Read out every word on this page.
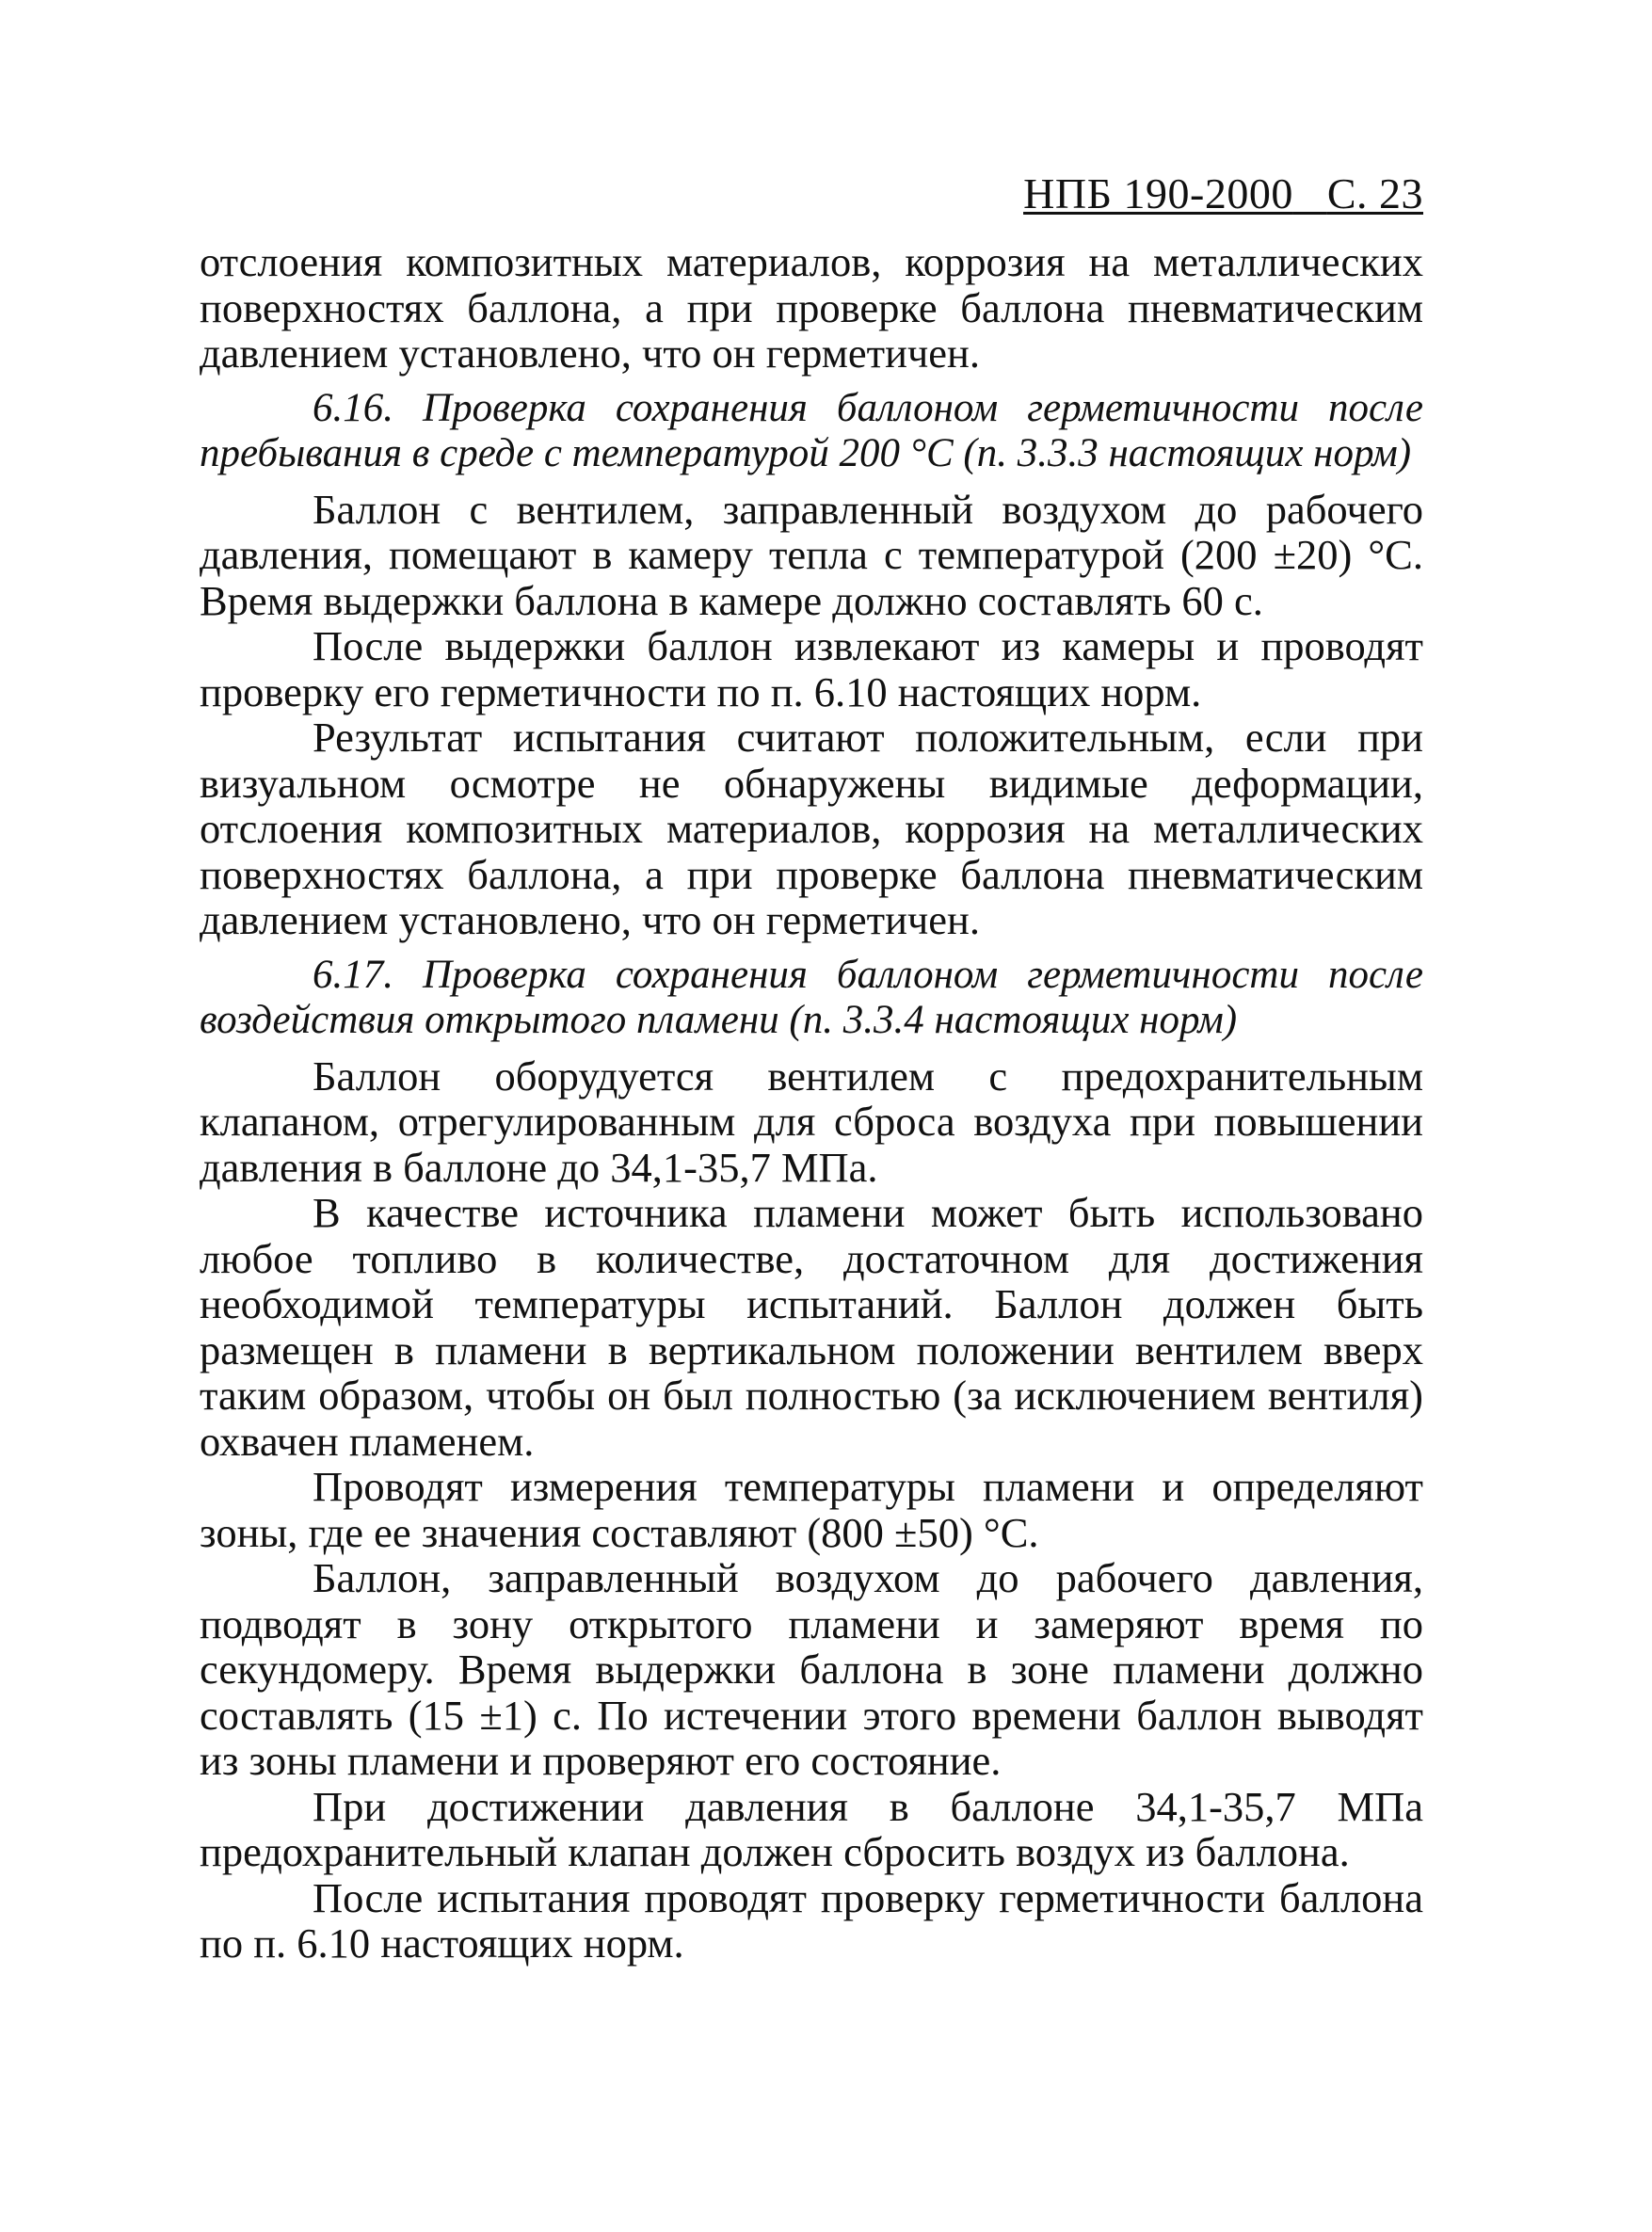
НПБ 190-2000 С. 23

отслоения композитных материалов, коррозия на металлических поверхностях баллона, а при проверке баллона пневматическим давлением установлено, что он герметичен.

6.16. Проверка сохранения баллоном герметичности после пребывания в среде с температурой 200 °С (п. 3.3.3 настоящих норм)

Баллон с вентилем, заправленный воздухом до рабочего давления, помещают в камеру тепла с температурой (200 ±20) °С. Время выдержки баллона в камере должно составлять 60 с.

После выдержки баллон извлекают из камеры и проводят проверку его герметичности по п. 6.10 настоящих норм.

Результат испытания считают положительным, если при визуальном осмотре не обнаружены видимые деформации, отслоения композитных материалов, коррозия на металлических поверхностях баллона, а при проверке баллона пневматическим давлением установлено, что он герметичен.

6.17. Проверка сохранения баллоном герметичности после воздействия открытого пламени (п. 3.3.4 настоящих норм)

Баллон оборудуется вентилем с предохранительным клапаном, отрегулированным для сброса воздуха при повышении давления в баллоне до 34,1-35,7 МПа.

В качестве источника пламени может быть использовано любое топливо в количестве, достаточном для достижения необходимой температуры испытаний. Баллон должен быть размещен в пламени в вертикальном положении вентилем вверх таким образом, чтобы он был полностью (за исключением вентиля) охвачен пламенем.

Проводят измерения температуры пламени и определяют зоны, где ее значения составляют (800 ±50) °С.

Баллон, заправленный воздухом до рабочего давления, подводят в зону открытого пламени и замеряют время по секундомеру. Время выдержки баллона в зоне пламени должно составлять (15 ±1) с. По истечении этого времени баллон выводят из зоны пламени и проверяют его состояние.

При достижении давления в баллоне 34,1-35,7 МПа предохранительный клапан должен сбросить воздух из баллона.

После испытания проводят проверку герметичности баллона по п. 6.10 настоящих норм.
